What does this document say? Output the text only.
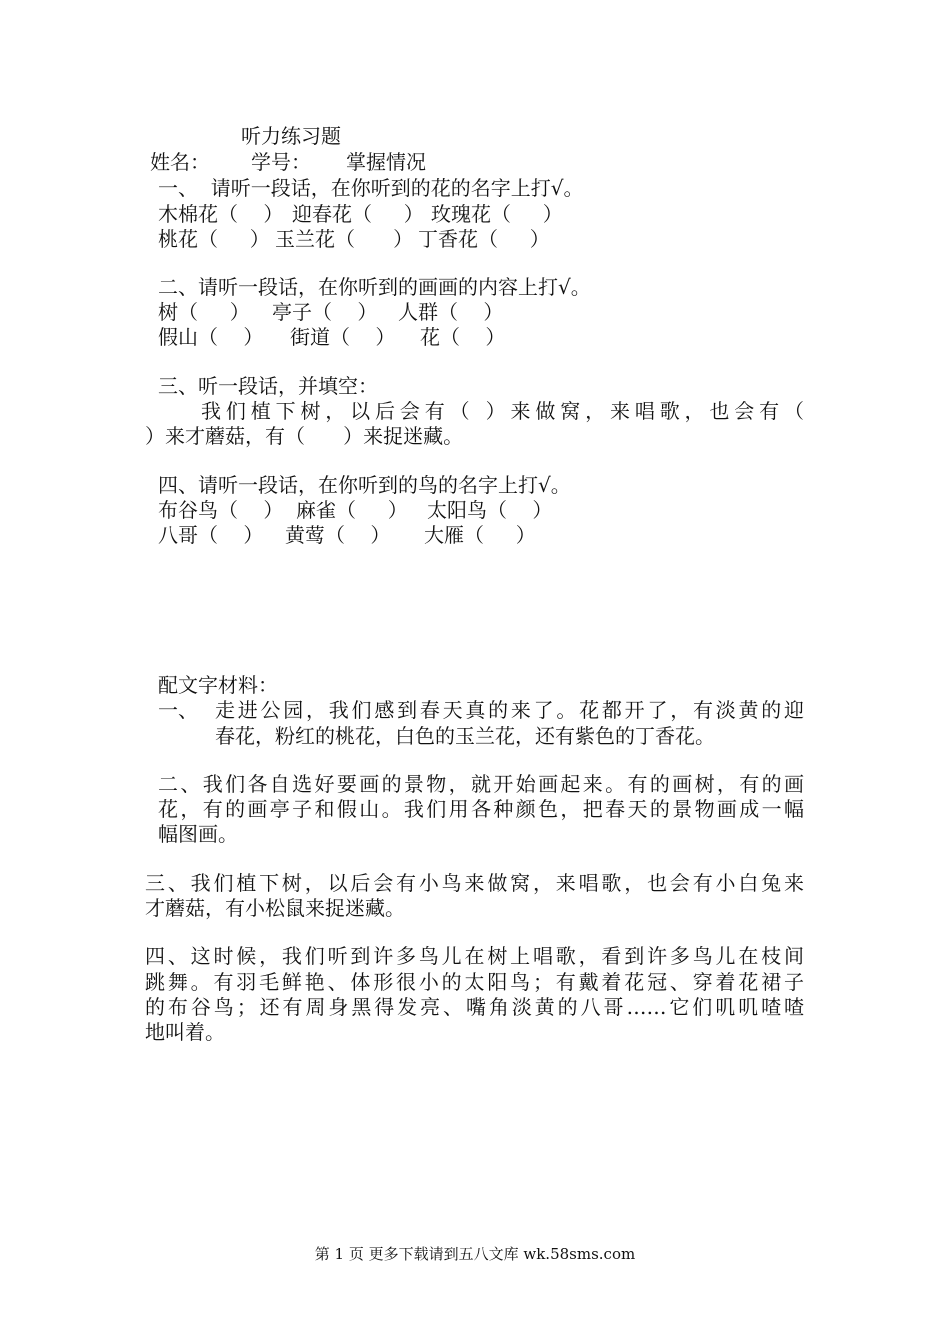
听力练习题
姓名： 学号： 掌握情况
一、  请听一段话，在你听到的花的名字上打√。
木棉花（    ） 迎春花（     ） 玫瑰花（     ）
桃花（     ） 玉兰花（      ） 丁香花（     ）
二、请听一段话，在你听到的画画的内容上打√。
树（     ） 亭子（    ） 人群（    ）
假山（    ） 街道（    ） 花（    ）
三、听一段话，并填空：
我们植下树，以后会有（ ）来做窝，来唱歌，也会有（
）来才蘑菇，有（      ）来捉迷藏。
四、请听一段话，在你听到的鸟的名字上打√。
布谷鸟（    ） 麻雀（     ） 太阳鸟（    ）
八哥（    ） 黄莺（    ） 大雁（     ）
配文字材料：
一、 走进公园，我们感到春天真的来了。花都开了，有淡黄的迎
春花，粉红的桃花，白色的玉兰花，还有紫色的丁香花。
二、我们各自选好要画的景物，就开始画起来。有的画树，有的画
花，有的画亭子和假山。我们用各种颜色，把春天的景物画成一幅
幅图画。
三、我们植下树，以后会有小鸟来做窝，来唱歌，也会有小白兔来
才蘑菇，有小松鼠来捉迷藏。
四、这时候，我们听到许多鸟儿在树上唱歌，看到许多鸟儿在枝间
跳舞。有羽毛鲜艳、体形很小的太阳鸟；有戴着花冠、穿着花裙子
的布谷鸟；还有周身黑得发亮、嘴角淡黄的八哥……它们叽叽喳喳
地叫着。
第 1 页 更多下载请到五八文库 wk.58sms.com
